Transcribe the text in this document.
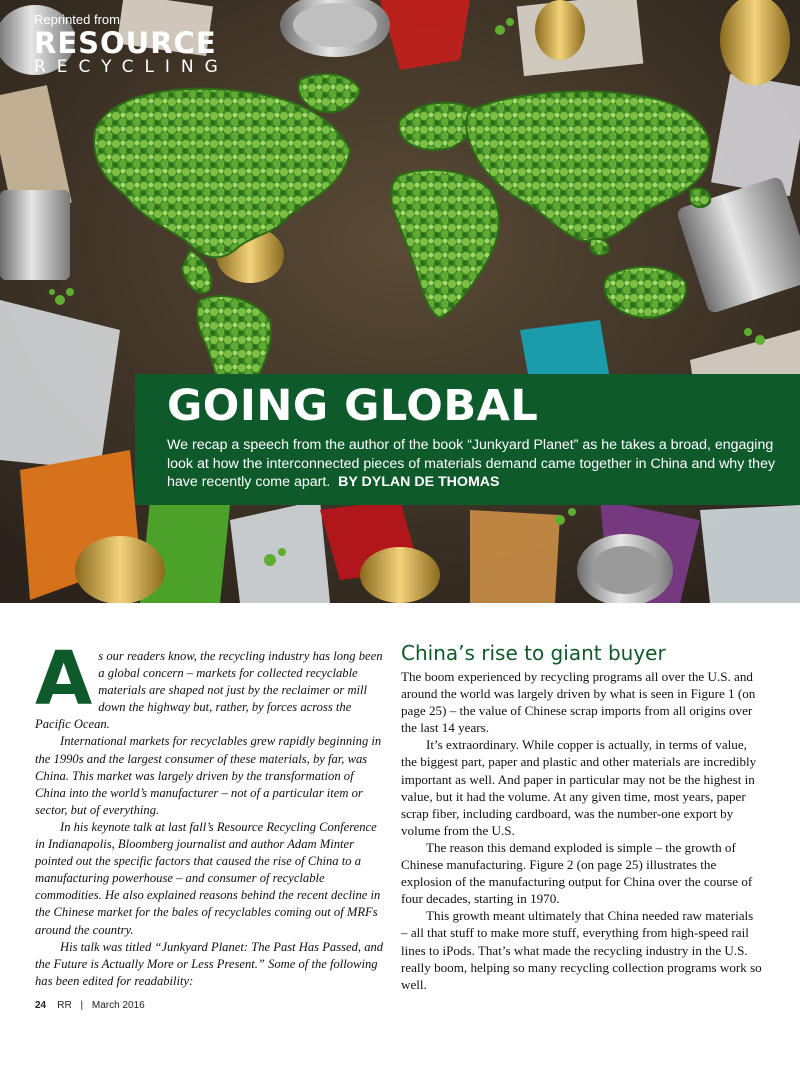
Reprinted from
RESOURCE
RECYCLING
GOING GLOBAL
We recap a speech from the author of the book “Junkyard Planet” as he takes a broad, engaging look at how the interconnected pieces of materials demand came together in China and why they have recently come apart. BY DYLAN DE THOMAS

As our readers know, the recycling industry has long been a global concern – markets for collected recyclable materials are shaped not just by the reclaimer or mill down the highway but, rather, by forces across the Pacific Ocean.

International markets for recyclables grew rapidly beginning in the 1990s and the largest consumer of these materials, by far, was China. This market was largely driven by the transformation of China into the world’s manufacturer – not of a particular item or sector, but of everything.

In his keynote talk at last fall’s Resource Recycling Conference in Indianapolis, Bloomberg journalist and author Adam Minter pointed out the specific factors that caused the rise of China to a manufacturing powerhouse – and consumer of recyclable commodities. He also explained reasons behind the recent decline in the Chinese market for the bales of recyclables coming out of MRFs around the country.

His talk was titled “Junkyard Planet: The Past Has Passed, and the Future is Actually More or Less Present.” Some of the following has been edited for readability:

China’s rise to giant buyer

The boom experienced by recycling programs all over the U.S. and around the world was largely driven by what is seen in Figure 1 (on page 25) – the value of Chinese scrap imports from all origins over the last 14 years.

It’s extraordinary. While copper is actually, in terms of value, the biggest part, paper and plastic and other materials are incredibly important as well. And paper in particular may not be the highest in value, but it had the volume. At any given time, most years, paper scrap fiber, including cardboard, was the number-one export by volume from the U.S.

The reason this demand exploded is simple – the growth of Chinese manufacturing. Figure 2 (on page 25) illustrates the explosion of the manufacturing output for China over the course of four decades, starting in 1970.

This growth meant ultimately that China needed raw materials – all that stuff to make more stuff, everything from high-speed rail lines to iPods. That’s what made the recycling industry in the U.S. really boom, helping so many recycling collection programs work so well.

24 RR | March 2016
